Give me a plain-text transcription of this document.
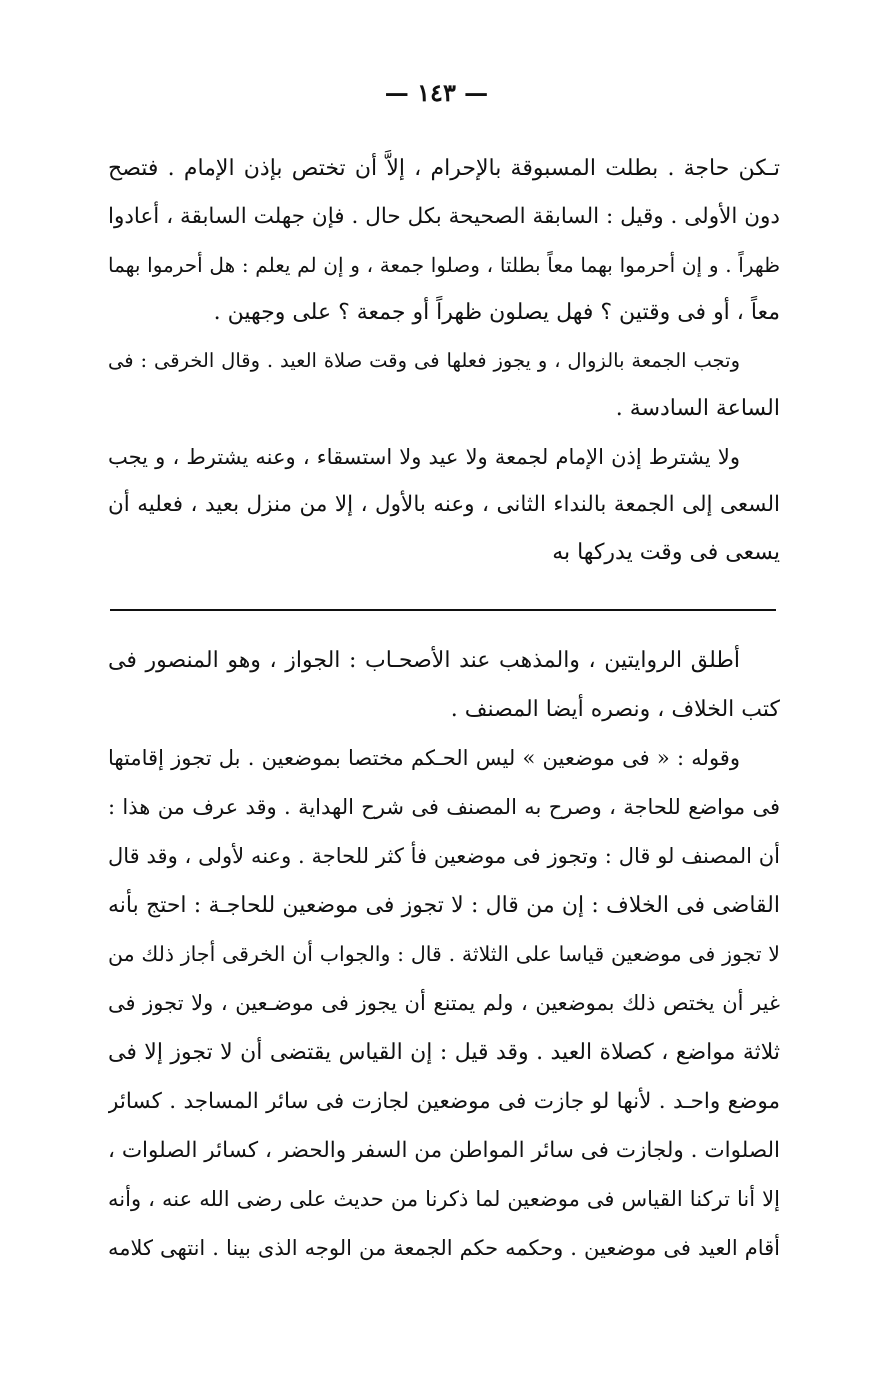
— ١٤٣ —
تـكن حاجة . بطلت المسبوقة بالإحرام ، إلاَّ أن تختص بإذن الإمام . فتصح
دون الأولى . وقيل : السابقة الصحيحة بكل حال . فإن جهلت السابقة ، أعادوا
ظهراً . و إن أحرموا بهما معاً بطلتا ، وصلوا جمعة ، و إن لم يعلم : هل أحرموا بهما
معاً ، أو فى وقتين ؟ فهل يصلون ظهراً أو جمعة ؟ على وجهين .
وتجب الجمعة بالزوال ، و يجوز فعلها فى وقت صلاة العيد . وقال الخرقى : فى
الساعة السادسة .
ولا يشترط إذن الإمام لجمعة ولا عيد ولا استسقاء ، وعنه يشترط ، و يجب
السعى إلى الجمعة بالنداء الثانى ، وعنه بالأول ، إلا من منزل بعيد ، فعليه أن
يسعى فى وقت يدركها به
أطلق الروايتين ، والمذهب عند الأصحـاب : الجواز ، وهو المنصور فى
كتب الخلاف ، ونصره أيضا المصنف .
وقوله : « فى موضعين » ليس الحـكم مختصا بموضعين . بل تجوز إقامتها
فى مواضع للحاجة ، وصرح به المصنف فى شرح الهداية . وقد عرف من هذا :
أن المصنف لو قال : وتجوز فى موضعين فأ كثر للحاجة . وعنه لأولى ، وقد قال
القاضى فى الخلاف : إن من قال : لا تجوز فى موضعين للحاجـة : احتج بأنه
لا تجوز فى موضعين قياسا على الثلاثة . قال : والجواب أن الخرقى أجاز ذلك من
غير أن يختص ذلك بموضعين ، ولم يمتنع أن يجوز فى موضـعين ، ولا تجوز فى
ثلاثة مواضع ، كصلاة العيد . وقد قيل : إن القياس يقتضى أن لا تجوز إلا فى
موضع واحـد . لأنها لو جازت فى موضعين لجازت فى سائر المساجد . كسائر
الصلوات . ولجازت فى سائر المواطن من السفر والحضر ، كسائر الصلوات ،
إلا أنا تركنا القياس فى موضعين لما ذكرنا من حديث على رضى الله عنه ، وأنه
أقام العيد فى موضعين . وحكمه حكم الجمعة من الوجه الذى بينا . انتهى كلامه
